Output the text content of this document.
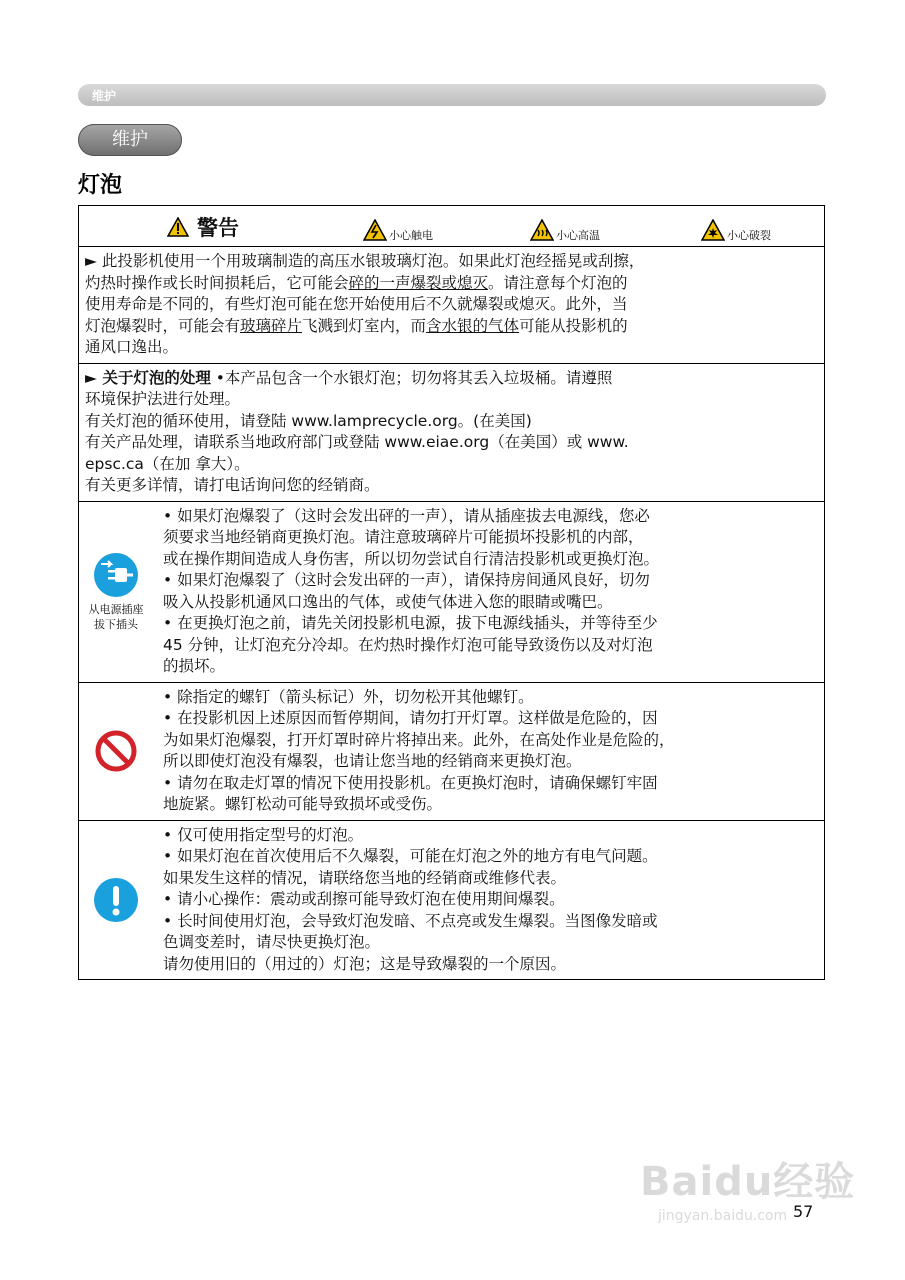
维护
维护
灯泡
警告	小心触电	小心高温	小心破裂
► 此投影机使用一个用玻璃制造的高压水银玻璃灯泡。如果此灯泡经摇晃或刮擦，
灼热时操作或长时间损耗后，它可能会碎的一声爆裂或熄灭。请注意每个灯泡的
使用寿命是不同的，有些灯泡可能在您开始使用后不久就爆裂或熄灭。此外，当
灯泡爆裂时，可能会有玻璃碎片飞溅到灯室内，而含水银的气体可能从投影机的
通风口逸出。
► 关于灯泡的处理 •本产品包含一个水银灯泡；切勿将其丢入垃圾桶。请遵照
环境保护法进行处理。
有关灯泡的循环使用，请登陆 www.lamprecycle.org。(在美国)
有关产品处理，请联系当地政府部门或登陆 www.eiae.org（在美国）或 www.
epsc.ca（在加 拿大）。
有关更多详情，请打电话询问您的经销商。
从电源插座
拔下插头
• 如果灯泡爆裂了（这时会发出砰的一声），请从插座拔去电源线，您必
须要求当地经销商更换灯泡。请注意玻璃碎片可能损坏投影机的内部，
或在操作期间造成人身伤害，所以切勿尝试自行清洁投影机或更换灯泡。
• 如果灯泡爆裂了（这时会发出砰的一声），请保持房间通风良好，切勿
吸入从投影机通风口逸出的气体，或使气体进入您的眼睛或嘴巴。
• 在更换灯泡之前，请先关闭投影机电源，拔下电源线插头，并等待至少
45 分钟，让灯泡充分冷却。在灼热时操作灯泡可能导致烫伤以及对灯泡
的损坏。
• 除指定的螺钉（箭头标记）外，切勿松开其他螺钉。
• 在投影机因上述原因而暂停期间，请勿打开灯罩。这样做是危险的，因
为如果灯泡爆裂，打开灯罩时碎片将掉出来。此外，在高处作业是危险的，
所以即使灯泡没有爆裂，也请让您当地的经销商来更换灯泡。
• 请勿在取走灯罩的情况下使用投影机。在更换灯泡时，请确保螺钉牢固
地旋紧。螺钉松动可能导致损坏或受伤。
• 仅可使用指定型号的灯泡。
• 如果灯泡在首次使用后不久爆裂，可能在灯泡之外的地方有电气问题。
如果发生这样的情况，请联络您当地的经销商或维修代表。
• 请小心操作：震动或刮擦可能导致灯泡在使用期间爆裂。
• 长时间使用灯泡，会导致灯泡发暗、不点亮或发生爆裂。当图像发暗或
色调变差时，请尽快更换灯泡。
请勿使用旧的（用过的）灯泡；这是导致爆裂的一个原因。
Baidu经验
jingyan.baidu.com 57
